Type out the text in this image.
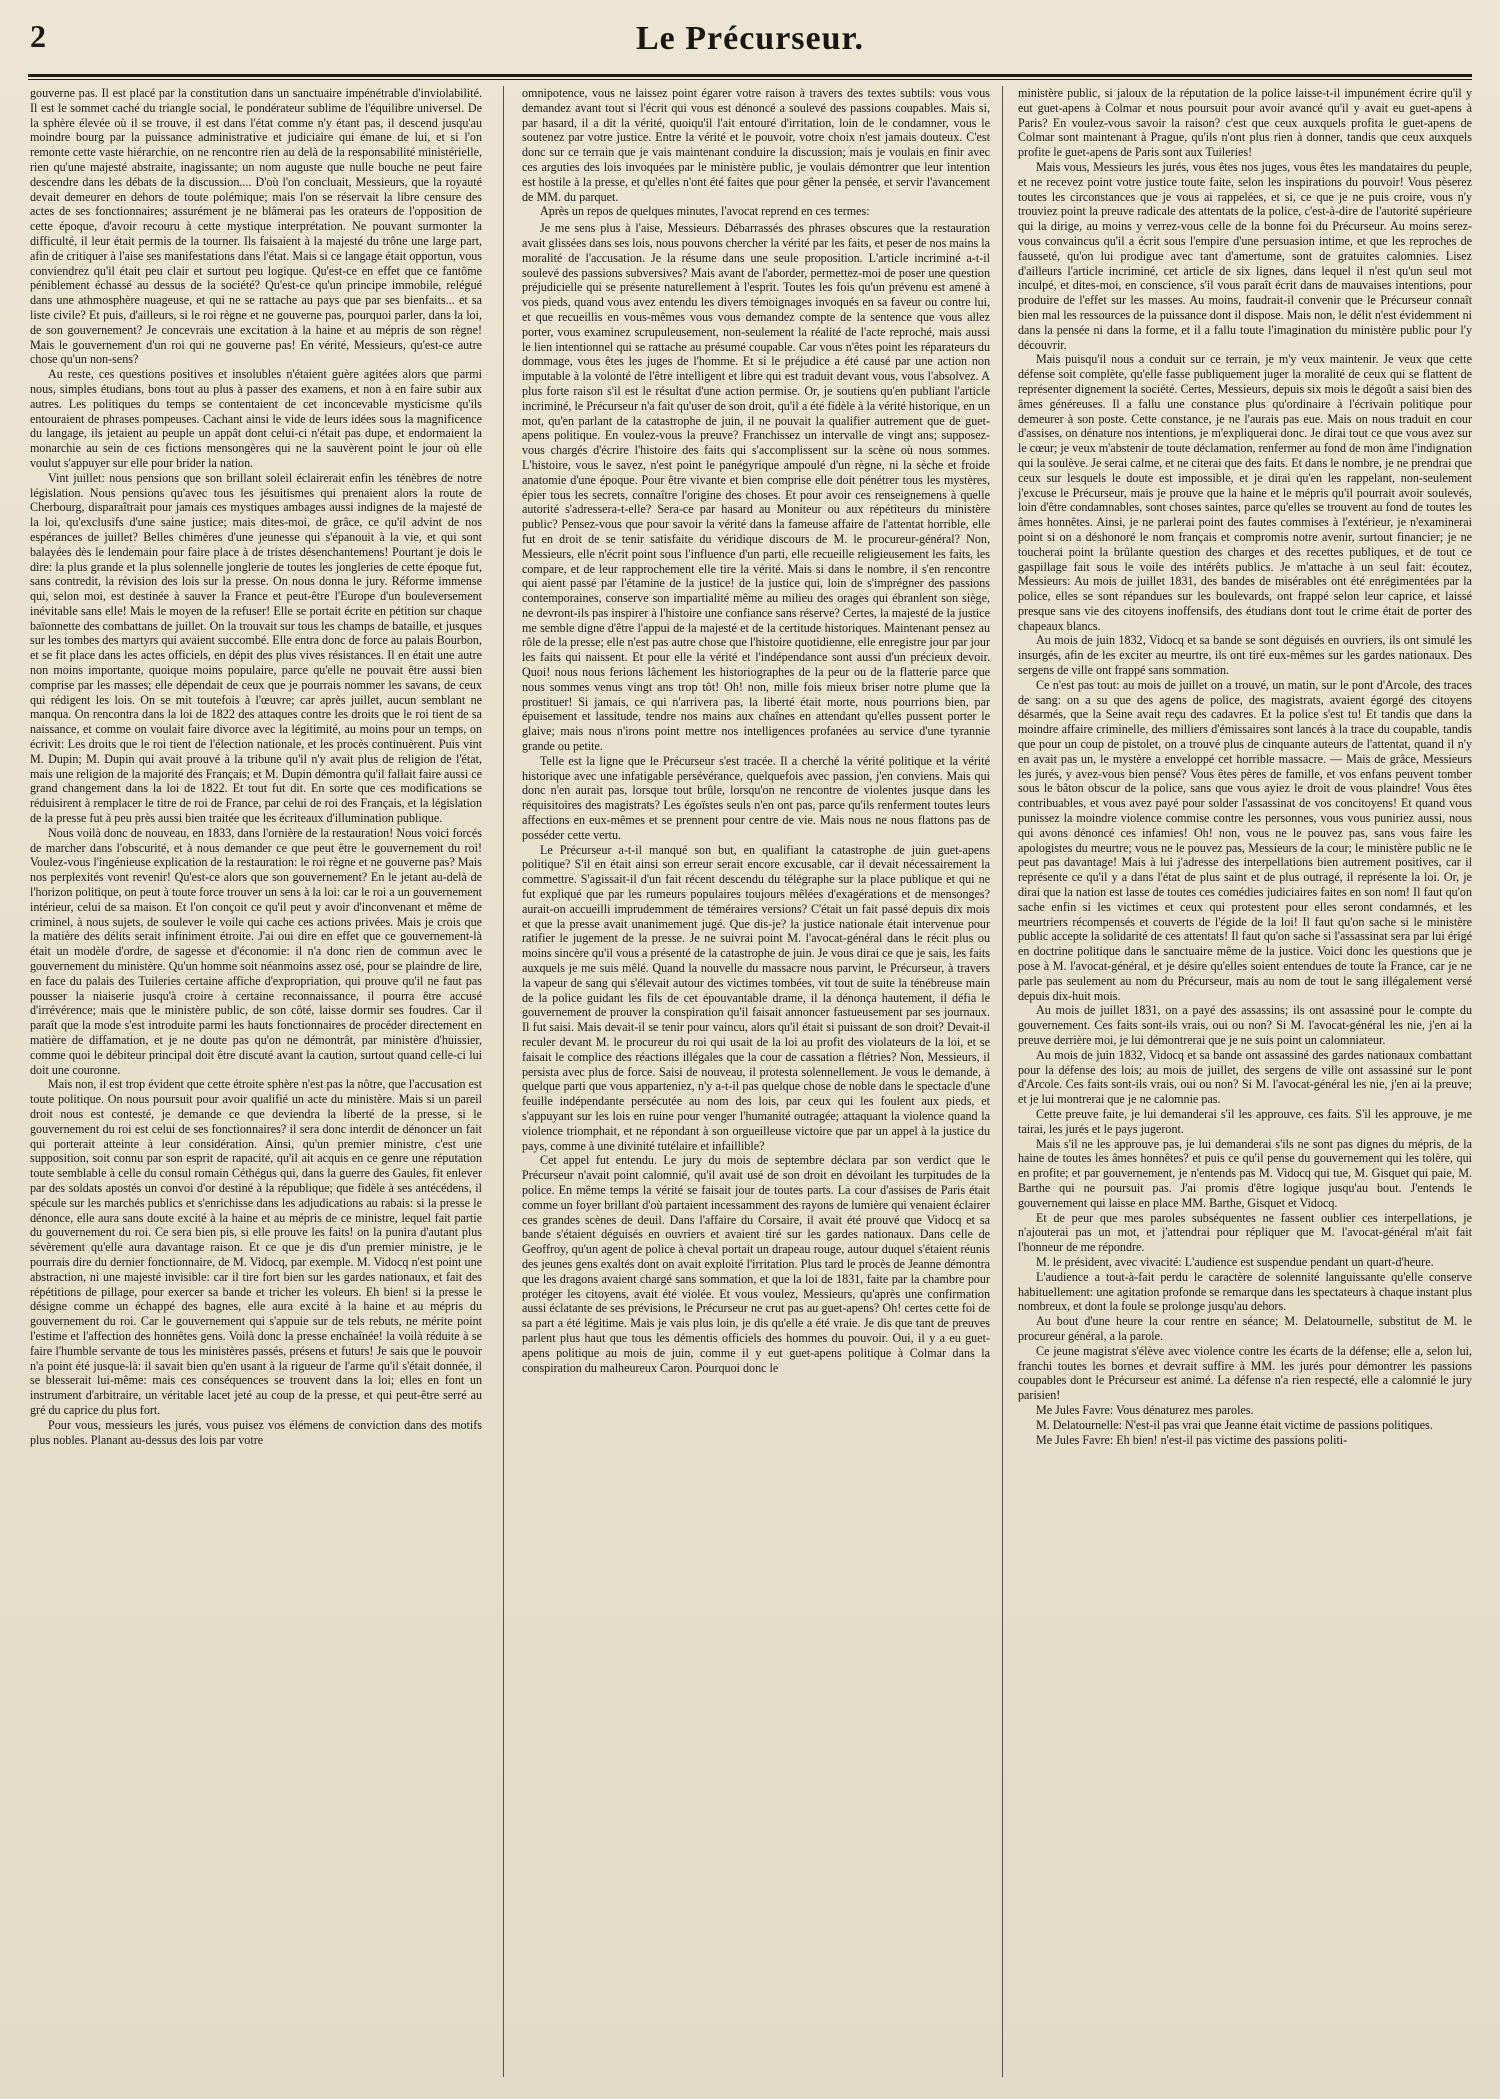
2	Le Précurseur.

gouverne pas. Il est placé par la constitution dans un sanctuaire impénétrable d'inviolabilité. Il est le sommet caché du triangle social, le pondérateur sublime de l'équilibre universel. De la sphère élevée où il se trouve, il est dans l'état comme n'y étant pas, il descend jusqu'au moindre bourg par la puissance administrative et judiciaire qui émane de lui, et si l'on remonte cette vaste hiérarchie, on ne rencontre rien au delà de la responsabilité ministérielle, rien qu'une majesté abstraite, inagissante; un nom auguste que nulle bouche ne peut faire descendre dans les débats de la discussion.... D'où l'on concluait, Messieurs, que la royauté devait demeurer en dehors de toute polémique; mais l'on se réservait la libre censure des actes de ses fonctionnaires; assurément je ne blâmerai pas les orateurs de l'opposition de cette époque, d'avoir recouru à cette mystique interprétation. Ne pouvant surmonter la difficulté, il leur était permis de la tourner. Ils faisaient à la majesté du trône une large part, afin de critiquer à l'aise ses manifestations dans l'état. Mais si ce langage était opportun, vous conviendrez qu'il était peu clair et surtout peu logique. Qu'est-ce en effet que ce fantôme péniblement échassé au dessus de la société? Qu'est-ce qu'un principe immobile, relégué dans une athmosphère nuageuse, et qui ne se rattache au pays que par ses bienfaits... et sa liste civile? Et puis, d'ailleurs, si le roi règne et ne gouverne pas, pourquoi parler, dans la loi, de son gouvernement? Je concevrais une excitation à la haine et au mépris de son règne! Mais le gouvernement d'un roi qui ne gouverne pas! En vérité, Messieurs, qu'est-ce autre chose qu'un non-sens?

Au reste, ces questions positives et insolubles n'étaient guère agitées alors que parmi nous, simples étudians, bons tout au plus à passer des examens, et non à en faire subir aux autres. Les politiques du temps se contentaient de cet inconcevable mysticisme qu'ils entouraient de phrases pompeuses. Cachant ainsi le vide de leurs idées sous la magnificence du langage, ils jetaient au peuple un appât dont celui-ci n'était pas dupe, et endormaient la monarchie au sein de ces fictions mensongères qui ne la sauvèrent point le jour où elle voulut s'appuyer sur elle pour brider la nation.

Vint juillet: nous pensions que son brillant soleil éclairerait enfin les ténèbres de notre législation. Nous pensions qu'avec tous les jésuitismes qui prenaient alors la route de Cherbourg, disparaîtrait pour jamais ces mystiques ambages aussi indignes de la majesté de la loi, qu'exclusifs d'une saine justice; mais dites-moi, de grâce, ce qu'il advint de nos espérances de juillet? Belles chimères d'une jeunesse qui s'épanouit à la vie, et qui sont balayées dès le lendemain pour faire place à de tristes désenchantemens! Pourtant je dois le dire: la plus grande et la plus solennelle jonglerie de toutes les jongleries de cette époque fut, sans contredit, la révision des lois sur la presse. On nous donna le jury. Réforme immense qui, selon moi, est destinée à sauver la France et peut-être l'Europe d'un bouleversement inévitable sans elle! Mais le moyen de la refuser! Elle se portait écrite en pétition sur chaque baïonnette des combattans de juillet. On la trouvait sur tous les champs de bataille, et jusques sur les tombes des martyrs qui avaient succombé. Elle entra donc de force au palais Bourbon, et se fit place dans les actes officiels, en dépit des plus vives résistances. Il en était une autre non moins importante, quoique moins populaire, parce qu'elle ne pouvait être aussi bien comprise par les masses; elle dépendait de ceux que je pourrais nommer les savans, de ceux qui rédigent les lois. On se mit toutefois à l'œuvre; car après juillet, aucun semblant ne manqua. On rencontra dans la loi de 1822 des attaques contre les droits que le roi tient de sa naissance, et comme on voulait faire divorce avec la légitimité, au moins pour un temps, on écrivit: Les droits que le roi tient de l'élection nationale, et les procès continuèrent. Puis vint M. Dupin; M. Dupin qui avait prouvé à la tribune qu'il n'y avait plus de religion de l'état, mais une religion de la majorité des Français; et M. Dupin démontra qu'il fallait faire aussi ce grand changement dans la loi de 1822. Et tout fut dit. En sorte que ces modifications se réduisirent à remplacer le titre de roi de France, par celui de roi des Français, et la législation de la presse fut à peu près aussi bien traitée que les écriteaux d'illumination publique.

Nous voilà donc de nouveau, en 1833, dans l'ornière de la restauration! Nous voici forcés de marcher dans l'obscurité, et à nous demander ce que peut être le gouvernement du roi! Voulez-vous l'ingénieuse explication de la restauration: le roi règne et ne gouverne pas? Mais nos perplexités vont revenir! Qu'est-ce alors que son gouvernement? En le jetant au-delà de l'horizon politique, on peut à toute force trouver un sens à la loi: car le roi a un gouvernement intérieur, celui de sa maison. Et l'on conçoit ce qu'il peut y avoir d'inconvenant et même de criminel, à nous sujets, de soulever le voile qui cache ces actions privées. Mais je crois que la matière des délits serait infiniment étroite. J'ai oui dire en effet que ce gouvernement-là était un modèle d'ordre, de sagesse et d'économie: il n'a donc rien de commun avec le gouvernement du ministère. Qu'un homme soit néanmoins assez osé, pour se plaindre de lire, en face du palais des Tuileries certaine affiche d'expropriation, qui prouve qu'il ne faut pas pousser la niaiserie jusqu'à croire à certaine reconnaissance, il pourra être accusé d'irrévérence; mais que le ministère public, de son côté, laisse dormir ses foudres. Car il paraît que la mode s'est introduite parmi les hauts fonctionnaires de procéder directement en matière de diffamation, et je ne doute pas qu'on ne démontrât, par ministère d'huissier, comme quoi le débiteur principal doit être discuté avant la caution, surtout quand celle-ci lui doit une couronne.

Mais non, il est trop évident que cette étroite sphère n'est pas la nôtre, que l'accusation est toute politique. On nous poursuit pour avoir qualifié un acte du ministère. Mais si un pareil droit nous est contesté, je demande ce que deviendra la liberté de la presse, si le gouvernement du roi est celui de ses fonctionnaires? il sera donc interdit de dénoncer un fait qui porterait atteinte à leur considération. Ainsi, qu'un premier ministre, c'est une supposition, soit connu par son esprit de rapacité, qu'il ait acquis en ce genre une réputation toute semblable à celle du consul romain Céthégus qui, dans la guerre des Gaules, fit enlever par des soldats apostés un convoi d'or destiné à la république; que fidèle à ses antécédens, il spécule sur les marchés publics et s'enrichisse dans les adjudications au rabais: si la presse le dénonce, elle aura sans doute excité à la haine et au mépris de ce ministre, lequel fait partie du gouvernement du roi. Ce sera bien pis, si elle prouve les faits! on la punira d'autant plus sévèrement qu'elle aura davantage raison. Et ce que je dis d'un premier ministre, je le pourrais dire du dernier fonctionnaire, de M. Vidocq, par exemple. M. Vidocq n'est point une abstraction, ni une majesté invisible: car il tire fort bien sur les gardes nationaux, et fait des répétitions de pillage, pour exercer sa bande et tricher les voleurs. Eh bien! si la presse le désigne comme un échappé des bagnes, elle aura excité à la haine et au mépris du gouvernement du roi. Car le gouvernement qui s'appuie sur de tels rebuts, ne mérite point l'estime et l'affection des honnêtes gens. Voilà donc la presse enchaînée! la voilà réduite à se faire l'humble servante de tous les ministères passés, présens et futurs! Je sais que le pouvoir n'a point été jusque-là: il savait bien qu'en usant à la rigueur de l'arme qu'il s'était donnée, il se blesserait lui-même: mais ces conséquences se trouvent dans la loi; elles en font un instrument d'arbitraire, un véritable lacet jeté au coup de la presse, et qui peut-être serré au gré du caprice du plus fort.

Pour vous, messieurs les jurés, vous puisez vos élémens de conviction dans des motifs plus nobles. Planant au-dessus des lois par votre

omnipotence, vous ne laissez point égarer votre raison à travers des textes subtils: vous vous demandez avant tout si l'écrit qui vous est dénoncé a soulevé des passions coupables. Mais si, par hasard, il a dit la vérité, quoiqu'il l'ait entouré d'irritation, loin de le condamner, vous le soutenez par votre justice. Entre la vérité et le pouvoir, votre choix n'est jamais douteux. C'est donc sur ce terrain que je vais maintenant conduire la discussion; mais je voulais en finir avec ces arguties des lois invoquées par le ministère public, je voulais démontrer que leur intention est hostile à la presse, et qu'elles n'ont été faites que pour gêner la pensée, et servir l'avancement de MM. du parquet.

Après un repos de quelques minutes, l'avocat reprend en ces termes:

Je me sens plus à l'aise, Messieurs. Débarrassés des phrases obscures que la restauration avait glissées dans ses lois, nous pouvons chercher la vérité par les faits, et peser de nos mains la moralité de l'accusation. Je la résume dans une seule proposition. L'article incriminé a-t-il soulevé des passions subversives? Mais avant de l'aborder, permettez-moi de poser une question préjudicielle qui se présente naturellement à l'esprit. Toutes les fois qu'un prévenu est amené à vos pieds, quand vous avez entendu les divers témoignages invoqués en sa faveur ou contre lui, et que recueillis en vous-mêmes vous vous demandez compte de la sentence que vous allez porter, vous examinez scrupuleusement, non-seulement la réalité de l'acte reproché, mais aussi le lien intentionnel qui se rattache au présumé coupable. Car vous n'êtes point les réparateurs du dommage, vous êtes les juges de l'homme. Et si le préjudice a été causé par une action non imputable à la volonté de l'être intelligent et libre qui est traduit devant vous, vous l'absolvez. A plus forte raison s'il est le résultat d'une action permise. Or, je soutiens qu'en publiant l'article incriminé, le Précurseur n'a fait qu'user de son droit, qu'il a été fidèle à la vérité historique, en un mot, qu'en parlant de la catastrophe de juin, il ne pouvait la qualifier autrement que de guet-apens politique. En voulez-vous la preuve? Franchissez un intervalle de vingt ans; supposez-vous chargés d'écrire l'histoire des faits qui s'accomplissent sur la scène où nous sommes. L'histoire, vous le savez, n'est point le panégyrique ampoulé d'un règne, ni la sèche et froide anatomie d'une époque. Pour être vivante et bien comprise elle doit pénétrer tous les mystères, épier tous les secrets, connaître l'origine des choses. Et pour avoir ces renseignemens à quelle autorité s'adressera-t-elle? Sera-ce par hasard au Moniteur ou aux répétiteurs du ministère public? Pensez-vous que pour savoir la vérité dans la fameuse affaire de l'attentat horrible, elle fut en droit de se tenir satisfaite du véridique discours de M. le procureur-général? Non, Messieurs, elle n'écrit point sous l'influence d'un parti, elle recueille religieusement les faits, les compare, et de leur rapprochement elle tire la vérité. Mais si dans le nombre, il s'en rencontre qui aient passé par l'étamine de la justice! de la justice qui, loin de s'imprégner des passions contemporaines, conserve son impartialité même au milieu des orages qui ébranlent son siège, ne devront-ils pas inspirer à l'histoire une confiance sans réserve? Certes, la majesté de la justice me semble digne d'être l'appui de la majesté et de la certitude historiques. Maintenant pensez au rôle de la presse; elle n'est pas autre chose que l'histoire quotidienne, elle enregistre jour par jour les faits qui naissent. Et pour elle la vérité et l'indépendance sont aussi d'un précieux devoir. Quoi! nous nous ferions lâchement les historiographes de la peur ou de la flatterie parce que nous sommes venus vingt ans trop tôt! Oh! non, mille fois mieux briser notre plume que la prostituer! Si jamais, ce qui n'arrivera pas, la liberté était morte, nous pourrions bien, par épuisement et lassitude, tendre nos mains aux chaînes en attendant qu'elles pussent porter le glaive; mais nous n'irons point mettre nos intelligences profanées au service d'une tyrannie grande ou petite.

Telle est la ligne que le Précurseur s'est tracée. Il a cherché la vérité politique et la vérité historique avec une infatigable persévérance, quelquefois avec passion, j'en conviens. Mais qui donc n'en aurait pas, lorsque tout brûle, lorsqu'on ne rencontre de violentes jusque dans les réquisitoires des magistrats? Les égoïstes seuls n'en ont pas, parce qu'ils renferment toutes leurs affections en eux-mêmes et se prennent pour centre de vie. Mais nous ne nous flattons pas de posséder cette vertu.

Le Précurseur a-t-il manqué son but, en qualifiant la catastrophe de juin guet-apens politique? S'il en était ainsi son erreur serait encore excusable, car il devait nécessairement la commettre. S'agissait-il d'un fait récent descendu du télégraphe sur la place publique et qui ne fut expliqué que par les rumeurs populaires toujours mêlées d'exagérations et de mensonges? aurait-on accueilli imprudemment de téméraires versions? C'était un fait passé depuis dix mois et que la presse avait unanimement jugé. Que dis-je? la justice nationale était intervenue pour ratifier le jugement de la presse. Je ne suivrai point M. l'avocat-général dans le récit plus ou moins sincère qu'il vous a présenté de la catastrophe de juin. Je vous dirai ce que je sais, les faits auxquels je me suis mêlé. Quand la nouvelle du massacre nous parvint, le Précurseur, à travers la vapeur de sang qui s'élevait autour des victimes tombées, vit tout de suite la ténébreuse main de la police guidant les fils de cet épouvantable drame, il la dénonça hautement, il défia le gouvernement de prouver la conspiration qu'il faisait annoncer fastueusement par ses journaux. Il fut saisi. Mais devait-il se tenir pour vaincu, alors qu'il était si puissant de son droit? Devait-il reculer devant M. le procureur du roi qui usait de la loi au profit des violateurs de la loi, et se faisait le complice des réactions illégales que la cour de cassation a flétries? Non, Messieurs, il persista avec plus de force. Saisi de nouveau, il protesta solennellement. Je vous le demande, à quelque parti que vous apparteniez, n'y a-t-il pas quelque chose de noble dans le spectacle d'une feuille indépendante persécutée au nom des lois, par ceux qui les foulent aux pieds, et s'appuyant sur les lois en ruine pour venger l'humanité outragée; attaquant la violence quand la violence triomphait, et ne répondant à son orgueilleuse victoire que par un appel à la justice du pays, comme à une divinité tutélaire et infaillible?

Cet appel fut entendu. Le jury du mois de septembre déclara par son verdict que le Précurseur n'avait point calomnié, qu'il avait usé de son droit en dévoilant les turpitudes de la police. En même temps la vérité se faisait jour de toutes parts. La cour d'assises de Paris était comme un foyer brillant d'où partaient incessamment des rayons de lumière qui venaient éclairer ces grandes scènes de deuil. Dans l'affaire du Corsaire, il avait été prouvé que Vidocq et sa bande s'étaient déguisés en ouvriers et avaient tiré sur les gardes nationaux. Dans celle de Geoffroy, qu'un agent de police à cheval portait un drapeau rouge, autour duquel s'étaient réunis des jeunes gens exaltés dont on avait exploité l'irritation. Plus tard le procès de Jeanne démontra que les dragons avaient chargé sans sommation, et que la loi de 1831, faite par la chambre pour protéger les citoyens, avait été violée. Et vous voulez, Messieurs, qu'après une confirmation aussi éclatante de ses prévisions, le Précurseur ne crut pas au guet-apens? Oh! certes cette foi de sa part a été légitime. Mais je vais plus loin, je dis qu'elle a été vraie. Je dis que tant de preuves parlent plus haut que tous les démentis officiels des hommes du pouvoir. Oui, il y a eu guet-apens politique au mois de juin, comme il y eut guet-apens politique à Colmar dans la conspiration du malheureux Caron. Pourquoi donc le

ministère public, si jaloux de la réputation de la police laisse-t-il impunément écrire qu'il y eut guet-apens à Colmar et nous poursuit pour avoir avancé qu'il y avait eu guet-apens à Paris? En voulez-vous savoir la raison? c'est que ceux auxquels profita le guet-apens de Colmar sont maintenant à Prague, qu'ils n'ont plus rien à donner, tandis que ceux auxquels profite le guet-apens de Paris sont aux Tuileries!

Mais vous, Messieurs les jurés, vous êtes nos juges, vous êtes les mandataires du peuple, et ne recevez point votre justice toute faite, selon les inspirations du pouvoir! Vous pèserez toutes les circonstances que je vous ai rappelées, et si, ce que je ne puis croire, vous n'y trouviez point la preuve radicale des attentats de la police, c'est-à-dire de l'autorité supérieure qui la dirige, au moins y verrez-vous celle de la bonne foi du Précurseur. Au moins serez-vous convaincus qu'il a écrit sous l'empire d'une persuasion intime, et que les reproches de fausseté, qu'on lui prodigue avec tant d'amertume, sont de gratuites calomnies. Lisez d'ailleurs l'article incriminé, cet article de six lignes, dans lequel il n'est qu'un seul mot inculpé, et dites-moi, en conscience, s'il vous paraît écrit dans de mauvaises intentions, pour produire de l'effet sur les masses. Au moins, faudrait-il convenir que le Précurseur connaît bien mal les ressources de la puissance dont il dispose. Mais non, le délit n'est évidemment ni dans la pensée ni dans la forme, et il a fallu toute l'imagination du ministère public pour l'y découvrir.

Mais puisqu'il nous a conduit sur ce terrain, je m'y veux maintenir. Je veux que cette défense soit complète, qu'elle fasse publiquement juger la moralité de ceux qui se flattent de représenter dignement la société. Certes, Messieurs, depuis six mois le dégoût a saisi bien des âmes généreuses. Il a fallu une constance plus qu'ordinaire à l'écrivain politique pour demeurer à son poste. Cette constance, je ne l'aurais pas eue. Mais on nous traduit en cour d'assises, on dénature nos intentions, je m'expliquerai donc. Je dirai tout ce que vous avez sur le cœur; je veux m'abstenir de toute déclamation, renfermer au fond de mon âme l'indignation qui la soulève. Je serai calme, et ne citerai que des faits. Et dans le nombre, je ne prendrai que ceux sur lesquels le doute est impossible, et je dirai qu'en les rappelant, non-seulement j'excuse le Précurseur, mais je prouve que la haine et le mépris qu'il pourrait avoir soulevés, loin d'être condamnables, sont choses saintes, parce qu'elles se trouvent au fond de toutes les âmes honnêtes. Ainsi, je ne parlerai point des fautes commises à l'extérieur, je n'examinerai point si on a déshonoré le nom français et compromis notre avenir, surtout financier; je ne toucherai point la brûlante question des charges et des recettes publiques, et de tout ce gaspillage fait sous le voile des intérêts publics. Je m'attache à un seul fait: écoutez, Messieurs: Au mois de juillet 1831, des bandes de misérables ont été enrégimentées par la police, elles se sont répandues sur les boulevards, ont frappé selon leur caprice, et laissé presque sans vie des citoyens inoffensifs, des étudians dont tout le crime était de porter des chapeaux blancs.

Au mois de juin 1832, Vidocq et sa bande se sont déguisés en ouvriers, ils ont simulé les insurgés, afin de les exciter au meurtre, ils ont tiré eux-mêmes sur les gardes nationaux. Des sergens de ville ont frappé sans sommation.

Ce n'est pas tout: au mois de juillet on a trouvé, un matin, sur le pont d'Arcole, des traces de sang: on a su que des agens de police, des magistrats, avaient égorgé des citoyens désarmés, que la Seine avait reçu des cadavres. Et la police s'est tu! Et tandis que dans la moindre affaire criminelle, des milliers d'émissaires sont lancés à la trace du coupable, tandis que pour un coup de pistolet, on a trouvé plus de cinquante auteurs de l'attentat, quand il n'y en avait pas un, le mystère a enveloppé cet horrible massacre. — Mais de grâce, Messieurs les jurés, y avez-vous bien pensé? Vous êtes pères de famille, et vos enfans peuvent tomber sous le bâton obscur de la police, sans que vous ayiez le droit de vous plaindre! Vous êtes contribuables, et vous avez payé pour solder l'assassinat de vos concitoyens! Et quand vous punissez la moindre violence commise contre les personnes, vous vous puniriez aussi, nous qui avons dénoncé ces infamies! Oh! non, vous ne le pouvez pas, sans vous faire les apologistes du meurtre; vous ne le pouvez pas, Messieurs de la cour; le ministère public ne le peut pas davantage! Mais à lui j'adresse des interpellations bien autrement positives, car il représente ce qu'il y a dans l'état de plus saint et de plus outragé, il représente la loi. Or, je dirai que la nation est lasse de toutes ces comédies judiciaires faites en son nom! Il faut qu'on sache enfin si les victimes et ceux qui protestent pour elles seront condamnés, et les meurtriers récompensés et couverts de l'égide de la loi! Il faut qu'on sache si le ministère public accepte la solidarité de ces attentats! Il faut qu'on sache si l'assassinat sera par lui érigé en doctrine politique dans le sanctuaire même de la justice. Voici donc les questions que je pose à M. l'avocat-général, et je désire qu'elles soient entendues de toute la France, car je ne parle pas seulement au nom du Précurseur, mais au nom de tout le sang illégalement versé depuis dix-huit mois.

Au mois de juillet 1831, on a payé des assassins; ils ont assassiné pour le compte du gouvernement. Ces faits sont-ils vrais, oui ou non? Si M. l'avocat-général les nie, j'en ai la preuve derrière moi, je lui démontrerai que je ne suis point un calomniateur.

Au mois de juin 1832, Vidocq et sa bande ont assassiné des gardes nationaux combattant pour la défense des lois; au mois de juillet, des sergens de ville ont assassiné sur le pont d'Arcole. Ces faits sont-ils vrais, oui ou non? Si M. l'avocat-général les nie, j'en ai la preuve; et je lui montrerai que je ne calomnie pas.

Cette preuve faite, je lui demanderai s'il les approuve, ces faits. S'il les approuve, je me tairai, les jurés et le pays jugeront.

Mais s'il ne les approuve pas, je lui demanderai s'ils ne sont pas dignes du mépris, de la haine de toutes les âmes honnêtes? et puis ce qu'il pense du gouvernement qui les tolère, qui en profite; et par gouvernement, je n'entends pas M. Vidocq qui tue, M. Gisquet qui paie, M. Barthe qui ne poursuit pas. J'ai promis d'être logique jusqu'au bout. J'entends le gouvernement qui laisse en place MM. Barthe, Gisquet et Vidocq.

Et de peur que mes paroles subséquentes ne fassent oublier ces interpellations, je n'ajouterai pas un mot, et j'attendrai pour répliquer que M. l'avocat-général m'ait fait l'honneur de me répondre.

M. le président, avec vivacité: L'audience est suspendue pendant un quart-d'heure.

L'audience a tout-à-fait perdu le caractère de solennité languissante qu'elle conserve habituellement: une agitation profonde se remarque dans les spectateurs à chaque instant plus nombreux, et dont la foule se prolonge jusqu'au dehors.

Au bout d'une heure la cour rentre en séance; M. Delatournelle, substitut de M. le procureur général, a la parole.

Ce jeune magistrat s'élève avec violence contre les écarts de la défense; elle a, selon lui, franchi toutes les bornes et devrait suffire à MM. les jurés pour démontrer les passions coupables dont le Précurseur est animé. La défense n'a rien respecté, elle a calomnié le jury parisien!

Me Jules Favre: Vous dénaturez mes paroles.

M. Delatournelle: N'est-il pas vrai que Jeanne était victime de passions politiques.

Me Jules Favre: Eh bien! n'est-il pas victime des passions politi-
